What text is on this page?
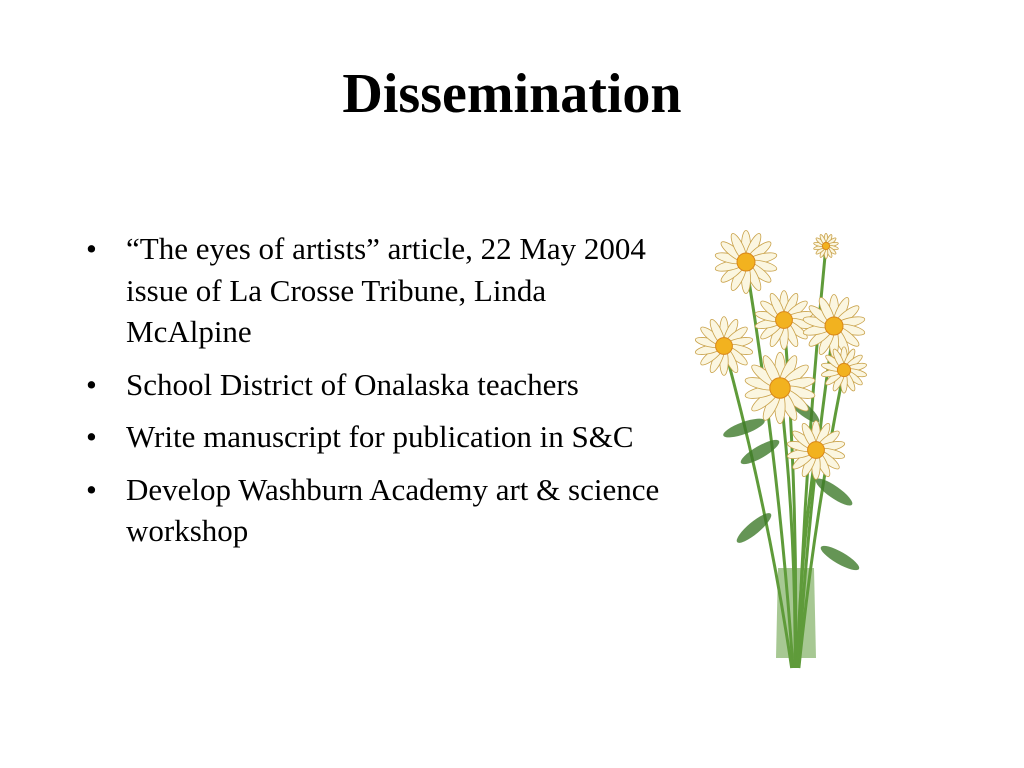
Dissemination
• “The eyes of artists” article, 22 May 2004 issue of La Crosse Tribune, Linda McAlpine
• School District of Onalaska teachers
• Write manuscript for publication in S&C
• Develop Washburn Academy art & science workshop
